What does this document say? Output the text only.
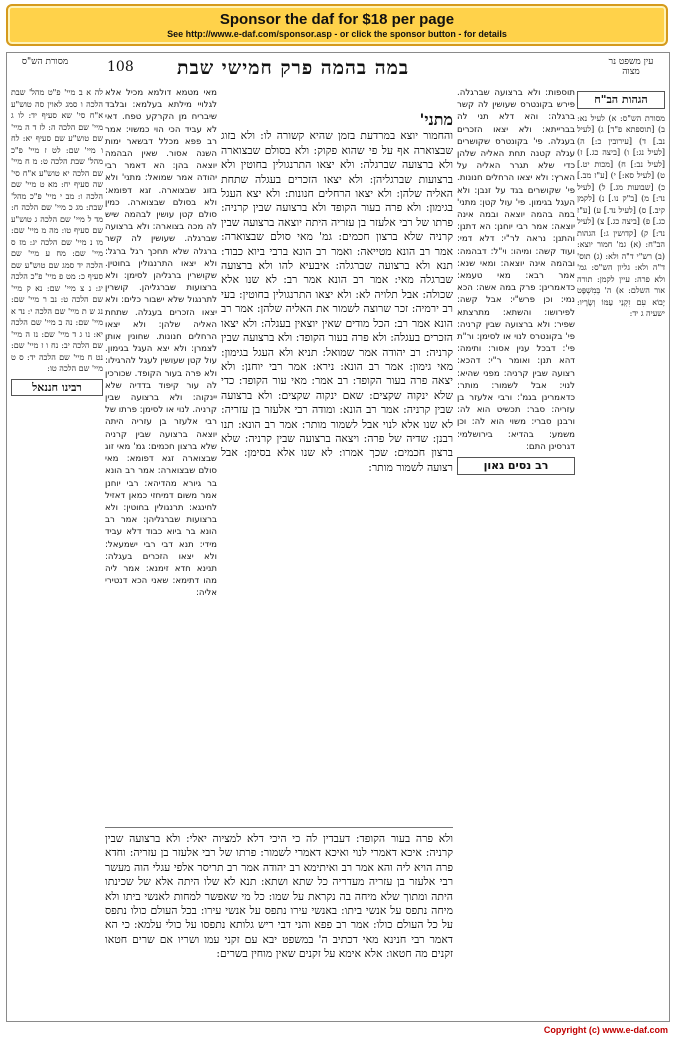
Sponsor the daf for $18 per page
See http://www.e-daf.com/sponsor.asp - or click the sponsor button - for details
מסורת הש"ס	108 במה בהמה פרק חמישי שבת	עין משפט נר מצוה

לה א ב מיי' פ"ט מהל' שבת הלכה ו סמג לאוין סה טוש"ע א"ח סי' שא סעיף יד: לו ג מיי' שם הלכה ה: לז ד ה מיי' שם טוש"ע שם סעיף יא: לח ו מיי' שם: לט ז מיי' פ"כ מהל' שבת הלכה ט: מ ח מיי' שם הלכה יא טוש"ע א"ח סי' שה סעיף יח: מא ט מיי' שם הלכה ו: מב י מיי' פ"כ מהל' שבת: מג כ מיי' שם הלכה ח: מד ל מיי' שם הלכה ג טוש"ע שם סעיף טו: מה מ מיי' שם: מו נ מיי' שם הלכה יג: מז ס מיי' שם: מח ע מיי' שם הלכה יד סמג שם טוש"ע שם סעיף כ: מט פ מיי' פ"כ הלכה יג: נ צ מיי' שם: נא ק מיי' שם הלכה ט: נב ר מיי' שם: נג ש ת מיי' שם הלכה י: נד א מיי' שם: נה ב מיי' שם הלכה יא: נו ג ד מיי' שם: נז ה מיי' שם הלכה יב: נח ו ז מיי' שם: נט ח מיי' שם הלכה יד: ס ט מיי' שם הלכה טו:

רבינו חננאל

מאי מטמא דולמא מכיל אלא לגלויי מילתא בעלמא: ובלבד שיבריח מן הקרקע טפח. דאי לא עביד הכי הוי כמשוי: אמר רב פפא מכלל דבשאר ימות השנה אסור. שאין הבהמה יוצאה בהן: הא דאמר רבי יהודה אמר שמואל: מתני' ולא בזוג שבצוארה. זגא דפומא: ולא בסולם שבצוארה. כמין סולם קטן עושין לבהמה שיש לה מכה בצוארה: ולא ברצועה שברגלה. שעושין לה קשר ברגלה שלא תחכך רגל ברגל: ולא יצאו התרנגולין בחוטין. שקושרין ברגליהן לסימן: ולא ברצועות שברגליהן. קושרין לתרנגול שלא ישבור כלים: ולא יצאו הזכרים בעגלה. שתחת האליה שלהן: ולא יצאו הרחלים חנונות. שחונין אותן לצמרן: ולא יצא העגל בגימון. עול קטן שעושין לעגל להרגילו: ולא פרה בעור הקופד. שכורכין לה עור קיפוד בדדיה שלא יינקוה: ולא ברצועה שבין קרניה. לנוי או לסימן: פרתו של רבי אלעזר בן עזריה היתה יוצאה ברצועה שבין קרניה שלא ברצון חכמים: גמ' מאי זוג שבצוארה זגא דפומא: מאי סולם שבצוארה: אמר רב הונא בר גיורא מהדיהא: רבי יוחנן אמר משום דמיחזי כמאן דאזיל לחינגא: תרנגולין בחוטין: ולא ברצועות שברגליהן: אמר רב הונא בר ביוא כבוד דלא עביד מידי: תנא דבי רבי ישמעאל: ולא יצאו הזכרים בעגלה: תנינא חדא זימנא: אמר ליה מהו דתימא: שאני הכא דנטירי אליה:

מתני'

והחמור יוצא במרדעת בזמן שהיא קשורה לו: ולא בזוג שבצוארה אף על פי שהוא פקוק: ולא בסולם שבצוארה ולא ברצועה שברגלה: ולא יצאו התרנגולין בחוטין ולא ברצועות שברגליהן: ולא יצאו הזכרים בעגלה שתחת האליה שלהן: ולא יצאו הרחלים חנונות: ולא יצא העגל בגימון: ולא פרה בעור הקופד ולא ברצועה שבין קרניה: פרתו של רבי אלעזר בן עזריה היתה יוצאה ברצועה שבין קרניה שלא ברצון חכמים: גמ' מאי סולם שבצוארה: אמר רב הונא מטייאה: ואמר רב הונא ברבי ביוא כבוד: תנא ולא ברצועה שברגלה: איבעיא להו ולא ברצועה שברגלה מאי: אמר רב הונא אמר רב: לא שנו אלא שכולה: אבל תלויה לא: ולא יצאו התרנגולין בחוטין: בעי רב ירמיה: זכר שרוצה לשמור את האליה שלהן: אמר רב הונא אמר רב: הכל מודים שאין יוצאין בעגלה: ולא יצאו הזכרים בעגלה: ולא פרה בעור הקופד: ולא ברצועה שבין קרניה: רב יהודה אמר שמואל: תניא ולא העגל בגימון: מאי גימון: אמר רב הונא: נירא: אמר רבי יוחנן: ולא יצאה פרה בעור הקופד: רב אמר: מאי עור הקופד: כדי שלא ינקוה שקצים: שאם ינקוה שקצים: ולא ברצועה שבין קרניה: אמר רב הונא: ומודה רבי אלעזר בן עזריה: לא שנו אלא לנוי אבל לשמור מותר: אמר רב הונא: תנו רבנן: שדיה של פרה: ויצאה ברצועה שבין קרניה: שלא ברצון חכמים: שכך אמרו: לא שנו אלא בסימן: אבל רצועה לשמור מותר:

ולא פרה בעור הקופד: דעבדין לה כי היכי דלא למציוה יאלי: ולא ברצועה שבין קרניה: איכא דאמרי לנוי ואיכא דאמרי לשמור: פרתו של רבי אלעזר בן עזריה: וחדא פרה הויא ליה והא אמר רב ואיתימא רב יהודה אמר רב תריסר אלפי עגלי הוה מעשר רבי אלעזר בן עזריה מעדריה כל שתא ושתא: תנא לא שלו היתה אלא של שכינתו היתה ומתוך שלא מיחה בה נקראת על שמו: כל מי שאפשר למחות לאנשי ביתו ולא מיחה נתפס על אנשי ביתו: באנשי עירו נתפס על אנשי עירו: בכל העולם כולו נתפס על כל העולם כולו: אמר רב פפא והני דבי ריש גלותא נתפסו על כולי עלמא: כי הא דאמר רבי חנינא מאי דכתיב ה' במשפט יבא עם זקני עמו ושריו אם שרים חטאו זקנים מה חטאו: אלא אימא על זקנים שאין מוחין בשרים:

תוספות: ולא ברצועה שברגלה. פירש בקונטרס שעושין לה קשר ברגלה: והא דלא תני לה בברייתא: ולא יצאו הזכרים בעגלה. פי' בקונטרס שקושרים עגלה קטנה תחת האליה שלהן כדי שלא תגרר האליה על הארץ: ולא יצאו הרחלים חנונות. פי' שקושרים בגד על זנבן: ולא העגל בגימון. פי' עול קטן: מתני' במה בהמה יוצאה ובמה אינה יוצאה: אמר רבי יוחנן: הא דתנן: והתנן: נראה לר"י: דלא דמי: ועוד קשה: ומיהו: וי"ל: דבהמה: ובהמה אינה יוצאה: ומאי שנא: אמר רבא: מאי טעמא: כדאמרינן: פרק במה אשה: הכא נמי: וכן פרש"י: אבל קשה: לפירושו: והשתא: מתרצתא שפיר: ולא ברצועה שבין קרניה: פי' בקונטרס לנוי או לסימן: ור"ת פי': דבכל ענין אסור: ותימה: דהא תנן: ואומר ר"י: דהכא: רצועה שבין קרניה: מפני שהיא: לנוי: אבל לשמור: מותר: כדאמרינן בגמ': ורבי אלעזר בן עזריה: סבר: תכשיט הוא לה: ורבנן סברי: משוי הוא לה: וכן משמע: בהדיא: בירושלמי: דגרסינן התם:

רב נסים גאון
הגהות הב"ח

מסורת הש"ס: א) לעיל נא: ב) [תוספתא פ"ד] ג) [לעיל נב.] ד) [עירובין כ:] ה) [לעיל נג:] ו) [ביצה כג.] ז) [לעיל נב:] ח) [מכות יט.] ט) [לעיל סא:] י) [ע"ז מב.] כ) [שבועות מג.] ל) [לעיל נד:] מ) [ב"ק נו.] נ) [לקמן קיב.] ס) [לעיל נד.] ע) [ע"ז כג.] פ) [ביצה כג.] צ) [לעיל נד:] ק) [קדושין ג:] הגהות הב"ח: (א) גמ' חמור יוצא: (ב) רש"י ד"ה ולא: (ג) תוס' ד"ה ולא: גליון הש"ס: גמ' ולא פרה: עיין לקמן: תורה אור השלם: א) ה' בְּמִשְׁפָּט יָבוֹא עִם זִקְנֵי עַמּוֹ וְשָׂרָיו: ישעיה ג יד:

Copyright (c) www.e-daf.com
